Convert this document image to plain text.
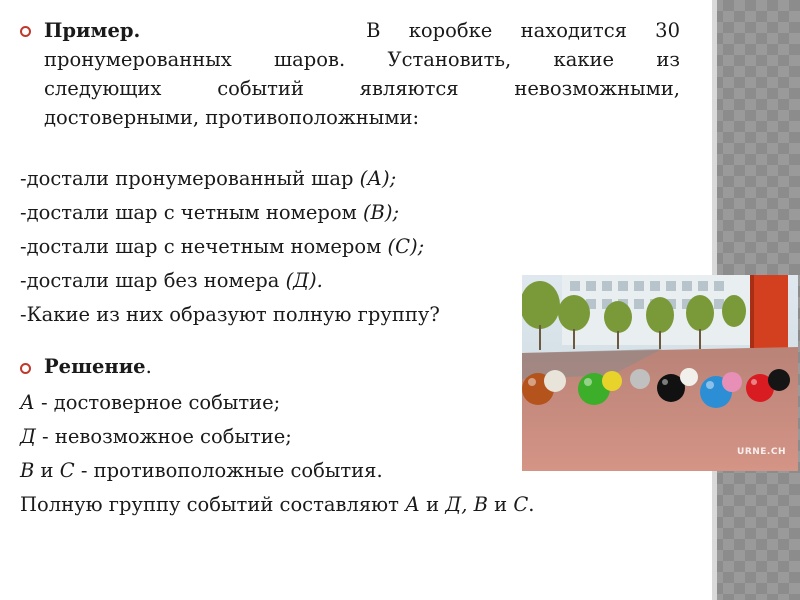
Пример.	В коробке находится 30
пронумерованных шаров. Установить, какие из
следующих событий являются невозможными,
достоверными, противоположными:
-достали пронумерованный шар (А);
-достали шар с четным номером (В);
-достали шар с нечетным номером (С);
-достали шар без номера (Д).
-Какие из них образуют полную группу?
Решение.
А - достоверное событие;
Д - невозможное событие;
В и С - противоположные события.
Полную группу событий составляют А и Д, В и С.
URNE.CH
